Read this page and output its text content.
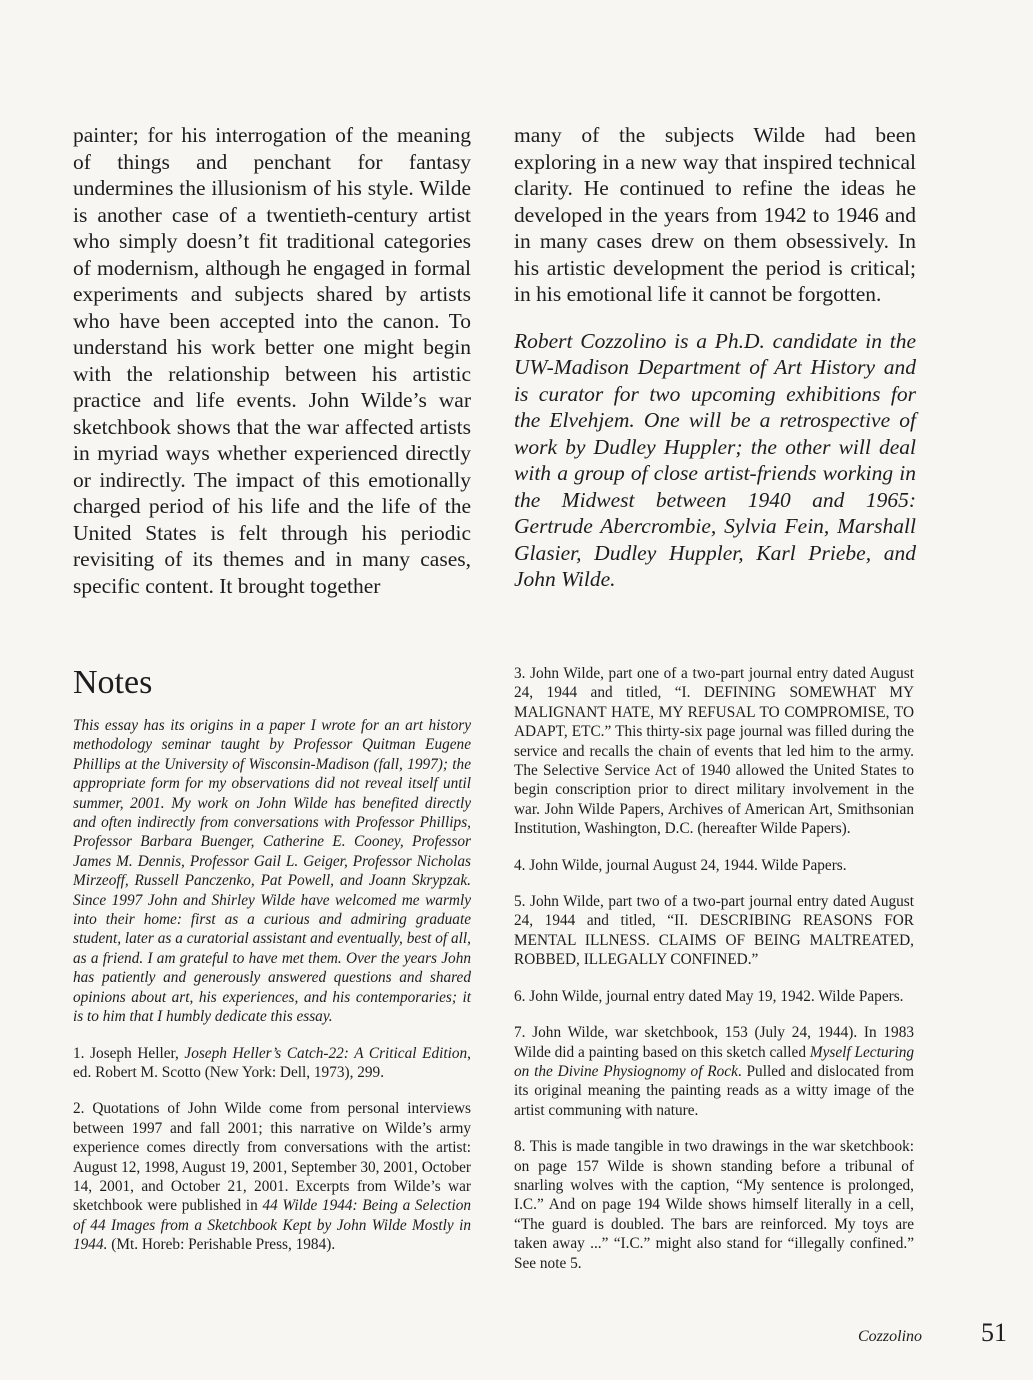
painter; for his interrogation of the meaning of things and penchant for fantasy undermines the illusionism of his style. Wilde is another case of a twentieth-century artist who simply doesn’t fit traditional categories of modernism, although he engaged in formal experiments and subjects shared by artists who have been accepted into the canon. To understand his work better one might begin with the relationship between his artistic practice and life events. John Wilde’s war sketchbook shows that the war affected artists in myriad ways whether experienced directly or indirectly. The impact of this emotionally charged period of his life and the life of the United States is felt through his periodic revisiting of its themes and in many cases, specific content. It brought together

many of the subjects Wilde had been exploring in a new way that inspired technical clarity. He continued to refine the ideas he developed in the years from 1942 to 1946 and in many cases drew on them obsessively. In his artistic development the period is critical; in his emotional life it cannot be forgotten.

Robert Cozzolino is a Ph.D. candidate in the UW-Madison Department of Art History and is curator for two upcoming exhibitions for the Elvehjem. One will be a retrospective of work by Dudley Huppler; the other will deal with a group of close artist-friends working in the Midwest between 1940 and 1965: Gertrude Abercrombie, Sylvia Fein, Marshall Glasier, Dudley Huppler, Karl Priebe, and John Wilde.

Notes

This essay has its origins in a paper I wrote for an art history methodology seminar taught by Professor Quitman Eugene Phillips at the University of Wisconsin-Madison (fall, 1997); the appropriate form for my observations did not reveal itself until summer, 2001. My work on John Wilde has benefited directly and often indirectly from conversations with Professor Phillips, Professor Barbara Buenger, Catherine E. Cooney, Professor James M. Dennis, Professor Gail L. Geiger, Professor Nicholas Mirzeoff, Russell Panczenko, Pat Powell, and Joann Skrypzak. Since 1997 John and Shirley Wilde have welcomed me warmly into their home: first as a curious and admiring graduate student, later as a curatorial assistant and eventually, best of all, as a friend. I am grateful to have met them. Over the years John has patiently and generously answered questions and shared opinions about art, his experiences, and his contemporaries; it is to him that I humbly dedicate this essay.

1. Joseph Heller, Joseph Heller’s Catch-22: A Critical Edition, ed. Robert M. Scotto (New York: Dell, 1973), 299.

2. Quotations of John Wilde come from personal interviews between 1997 and fall 2001; this narrative on Wilde’s army experience comes directly from conversations with the artist: August 12, 1998, August 19, 2001, September 30, 2001, October 14, 2001, and October 21, 2001. Excerpts from Wilde’s war sketchbook were published in 44 Wilde 1944: Being a Selection of 44 Images from a Sketchbook Kept by John Wilde Mostly in 1944. (Mt. Horeb: Perishable Press, 1984).

3. John Wilde, part one of a two-part journal entry dated August 24, 1944 and titled, “I. DEFINING SOMEWHAT MY MALIGNANT HATE, MY REFUSAL TO COMPROMISE, TO ADAPT, ETC.” This thirty-six page journal was filled during the service and recalls the chain of events that led him to the army. The Selective Service Act of 1940 allowed the United States to begin conscription prior to direct military involvement in the war. John Wilde Papers, Archives of American Art, Smithsonian Institution, Washington, D.C. (hereafter Wilde Papers).

4. John Wilde, journal August 24, 1944. Wilde Papers.

5. John Wilde, part two of a two-part journal entry dated August 24, 1944 and titled, “II. DESCRIBING REASONS FOR MENTAL ILLNESS. CLAIMS OF BEING MALTREATED, ROBBED, ILLEGALLY CONFINED.”

6. John Wilde, journal entry dated May 19, 1942. Wilde Papers.

7. John Wilde, war sketchbook, 153 (July 24, 1944). In 1983 Wilde did a painting based on this sketch called Myself Lecturing on the Divine Physiognomy of Rock. Pulled and dislocated from its original meaning the painting reads as a witty image of the artist communing with nature.

8. This is made tangible in two drawings in the war sketchbook: on page 157 Wilde is shown standing before a tribunal of snarling wolves with the caption, “My sentence is prolonged, I.C.” And on page 194 Wilde shows himself literally in a cell, “The guard is doubled. The bars are reinforced. My toys are taken away ...” “I.C.” might also stand for “illegally confined.” See note 5.

Cozzolino 51
